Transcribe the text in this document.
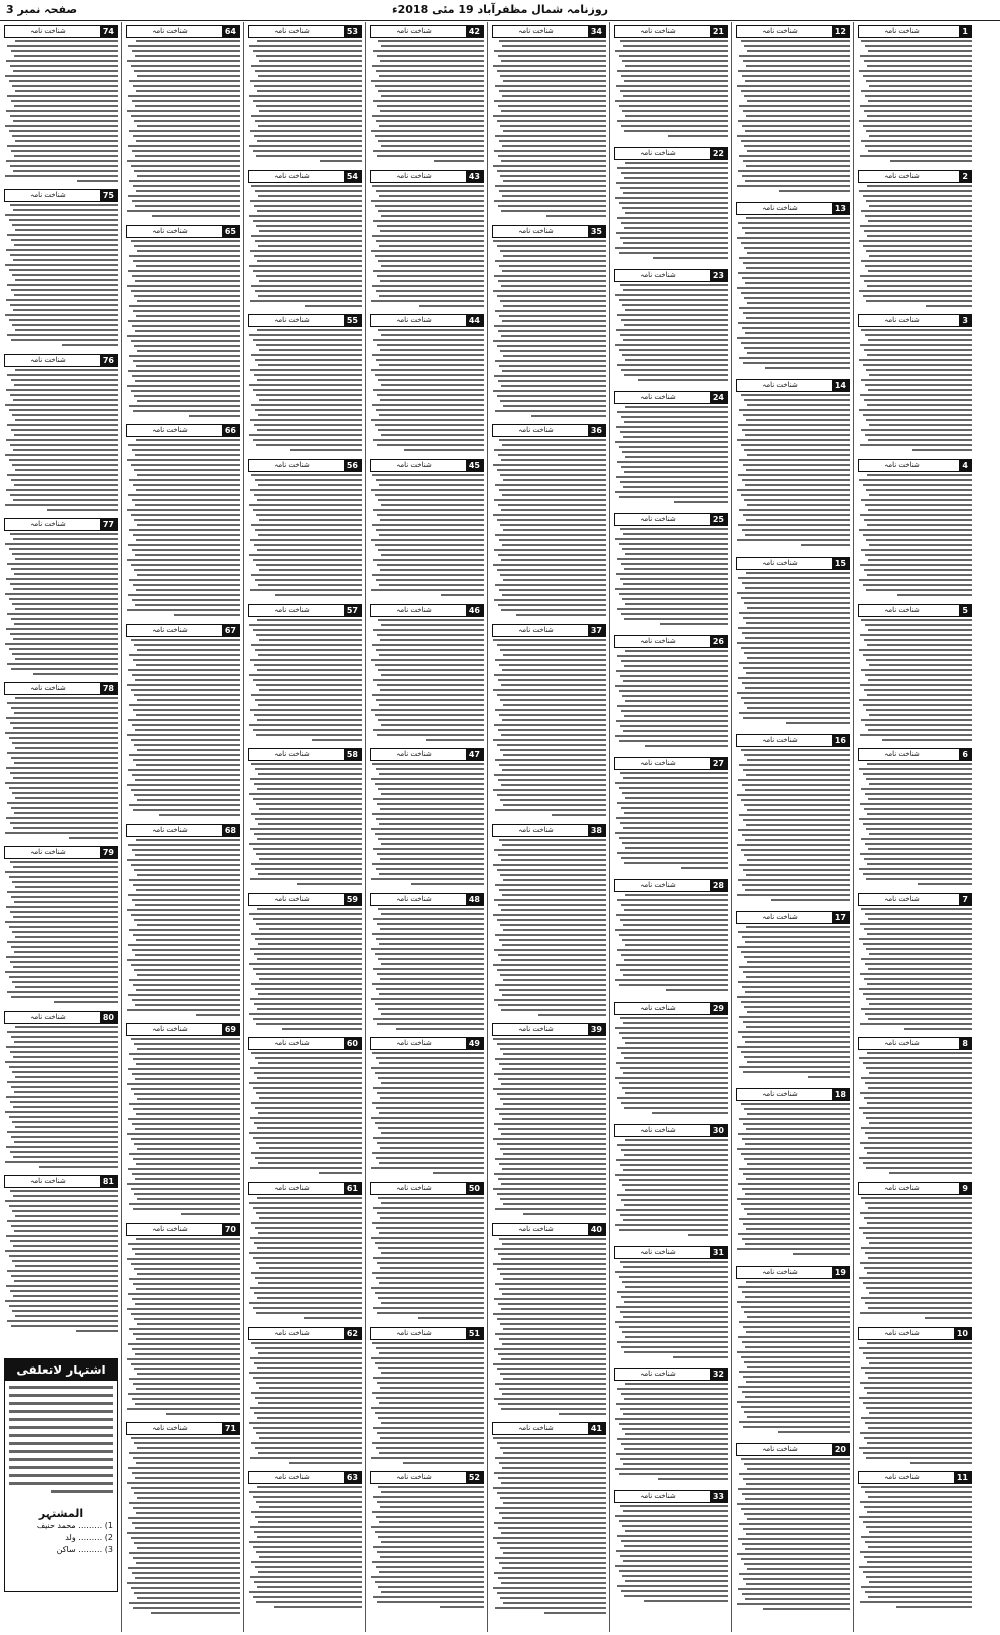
صفحہ نمبر 3	روزنامہ شمال مظفرآباد 19 مئی 2018ء
74
شناخت نامہ
75
شناخت نامہ
76
شناخت نامہ
77
شناخت نامہ
78
شناخت نامہ
79
شناخت نامہ
80
شناخت نامہ
81
شناخت نامہ
64
شناخت نامہ
65
شناخت نامہ
66
شناخت نامہ
67
شناخت نامہ
68
شناخت نامہ
69
شناخت نامہ
70
شناخت نامہ
71
شناخت نامہ
53
شناخت نامہ
54
شناخت نامہ
55
شناخت نامہ
56
شناخت نامہ
57
شناخت نامہ
58
شناخت نامہ
59
شناخت نامہ
60
شناخت نامہ
61
شناخت نامہ
62
شناخت نامہ
63
شناخت نامہ
42
شناخت نامہ
43
شناخت نامہ
44
شناخت نامہ
45
شناخت نامہ
46
شناخت نامہ
47
شناخت نامہ
48
شناخت نامہ
49
شناخت نامہ
50
شناخت نامہ
51
شناخت نامہ
52
شناخت نامہ
34
شناخت نامہ
35
شناخت نامہ
36
شناخت نامہ
37
شناخت نامہ
38
شناخت نامہ
39
شناخت نامہ
40
شناخت نامہ
41
شناخت نامہ
21
شناخت نامہ
22
شناخت نامہ
23
شناخت نامہ
24
شناخت نامہ
25
شناخت نامہ
26
شناخت نامہ
27
شناخت نامہ
28
شناخت نامہ
29
شناخت نامہ
30
شناخت نامہ
31
شناخت نامہ
32
شناخت نامہ
33
شناخت نامہ
12
شناخت نامہ
13
شناخت نامہ
14
شناخت نامہ
15
شناخت نامہ
16
شناخت نامہ
17
شناخت نامہ
18
شناخت نامہ
19
شناخت نامہ
20
شناخت نامہ
1
شناخت نامہ
2
شناخت نامہ
3
شناخت نامہ
4
شناخت نامہ
5
شناخت نامہ
6
شناخت نامہ
7
شناخت نامہ
8
شناخت نامہ
9
شناخت نامہ
10
شناخت نامہ
11
شناخت نامہ
اشتہار لاتعلقی
المشتہر
1) ……… محمد حنیف
2) ……… ولد
3) ……… ساکن
